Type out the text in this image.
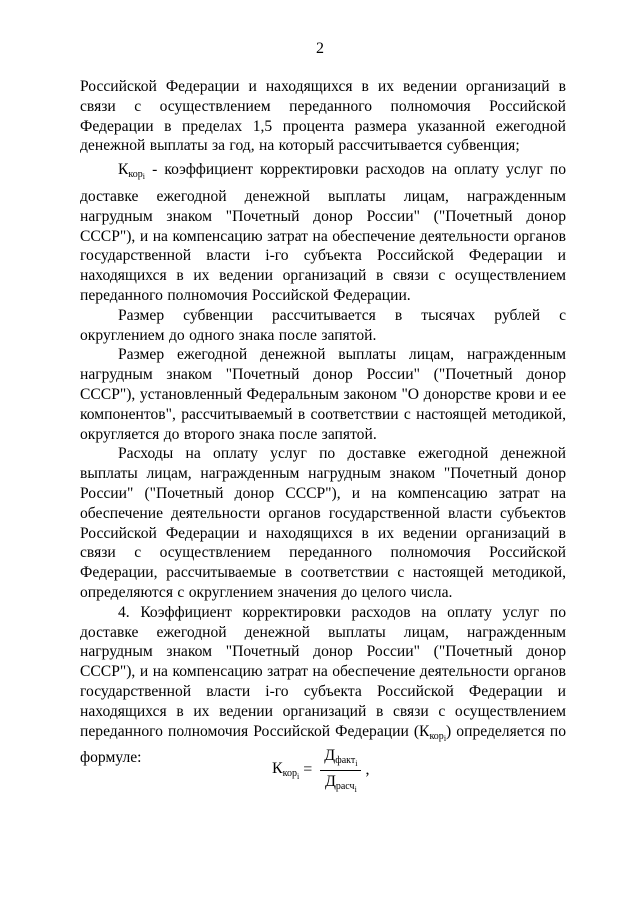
2

Российской Федерации и находящихся в их ведении организаций в связи с осуществлением переданного полномочия Российской Федерации в пределах 1,5 процента размера указанной ежегодной денежной выплаты за год, на который рассчитывается субвенция;

$К_{кор_i}$ - коэффициент корректировки расходов на оплату услуг по доставке ежегодной денежной выплаты лицам, награжденным нагрудным знаком "Почетный донор России" ("Почетный донор СССР"), и на компенсацию затрат на обеспечение деятельности органов государственной власти i-го субъекта Российской Федерации и находящихся в их ведении организаций в связи с осуществлением переданного полномочия Российской Федерации.

Размер субвенции рассчитывается в тысячах рублей с округлением до одного знака после запятой.

Размер ежегодной денежной выплаты лицам, награжденным нагрудным знаком "Почетный донор России" ("Почетный донор СССР"), установленный Федеральным законом "О донорстве крови и ее компонентов", рассчитываемый в соответствии с настоящей методикой, округляется до второго знака после запятой.

Расходы на оплату услуг по доставке ежегодной денежной выплаты лицам, награжденным нагрудным знаком "Почетный донор России" ("Почетный донор СССР"), и на компенсацию затрат на обеспечение деятельности органов государственной власти субъектов Российской Федерации и находящихся в их ведении организаций в связи с осуществлением переданного полномочия Российской Федерации, рассчитываемые в соответствии с настоящей методикой, определяются с округлением значения до целого числа.

4. Коэффициент корректировки расходов на оплату услуг по доставке ежегодной денежной выплаты лицам, награжденным нагрудным знаком "Почетный донор России" ("Почетный донор СССР"), и на компенсацию затрат на обеспечение деятельности органов государственной власти i-го субъекта Российской Федерации и находящихся в их ведении организаций в связи с осуществлением переданного полномочия Российской Федерации $(К_{кор_i})$ определяется по формуле:

$К_{кор_i} = \frac{Д_{факт_i}}{Д_{расч_i}}$ ,
